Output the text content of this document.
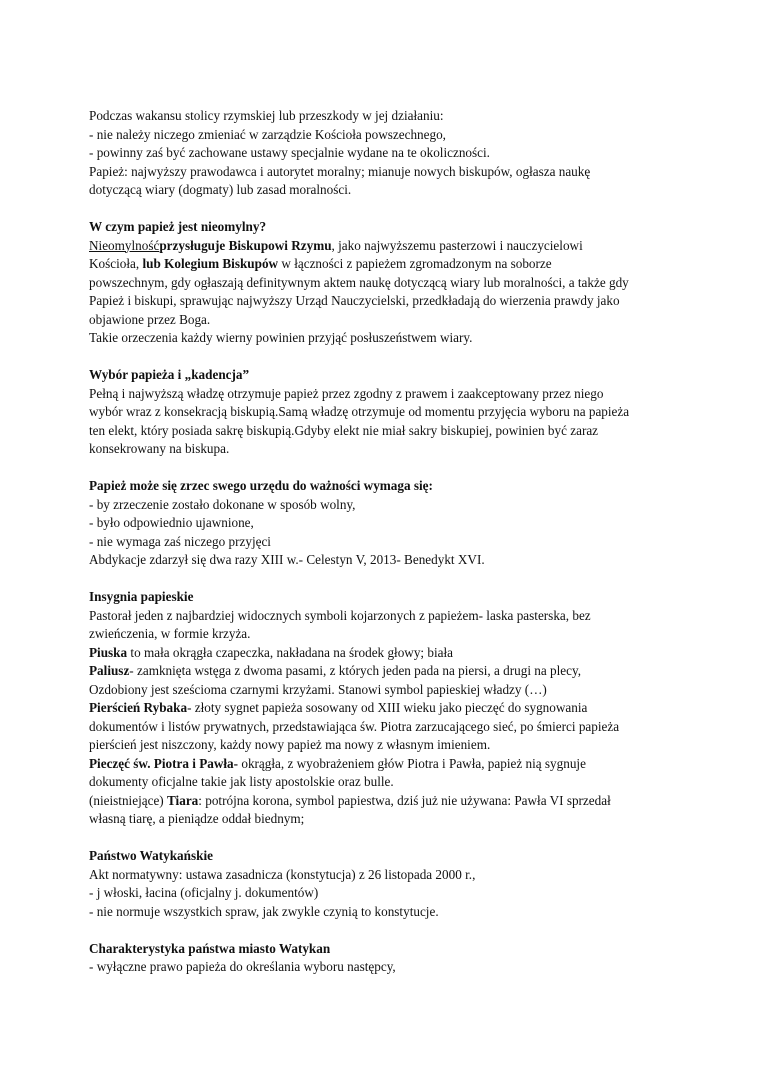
Podczas wakansu stolicy rzymskiej lub przeszkody w jej działaniu:
- nie należy niczego zmieniać w zarządzie Kościoła powszechnego,
- powinny zaś być zachowane ustawy specjalnie wydane na te okoliczności.
Papież: najwyższy prawodawca i autorytet moralny; mianuje nowych biskupów, ogłasza naukę
dotyczącą wiary (dogmaty) lub zasad moralności.
W czym papież jest nieomylny?
Nieomylnośćprzysługuje Biskupowi Rzymu, jako najwyższemu pasterzowi i nauczycielowi
Kościoła, lub Kolegium Biskupów w łączności z papieżem zgromadzonym na soborze
powszechnym, gdy ogłaszają definitywnym aktem naukę dotyczącą wiary lub moralności, a także gdy
Papież i biskupi, sprawując najwyższy Urząd Nauczycielski, przedkładają do wierzenia prawdy jako
objawione przez Boga.
Takie orzeczenia każdy wierny powinien przyjąć posłuszeństwem wiary.
Wybór papieża i „kadencja”
Pełną i najwyższą władzę otrzymuje papież przez zgodny z prawem i zaakceptowany przez niego
wybór wraz z konsekracją biskupią.Samą władzę otrzymuje od momentu przyjęcia wyboru na papieża
ten elekt, który posiada sakrę biskupią.Gdyby elekt nie miał sakry biskupiej, powinien być zaraz
konsekrowany na biskupa.
Papież może się zrzec swego urzędu do ważności wymaga się:
- by zrzeczenie zostało dokonane w sposób wolny,
- było odpowiednio ujawnione,
- nie wymaga zaś niczego przyjęci
Abdykacje zdarzył się dwa razy XIII w.- Celestyn V, 2013- Benedykt XVI.
Insygnia papieskie
Pastorał jeden z najbardziej widocznych symboli kojarzonych z papieżem- laska pasterska, bez
zwieńczenia, w formie krzyża.
Piuska to mała okrągła czapeczka, nakładana na środek głowy; biała
Paliusz- zamknięta wstęga z dwoma pasami, z których jeden pada na piersi, a drugi na plecy,
Ozdobiony jest sześcioma czarnymi krzyżami. Stanowi symbol papieskiej władzy (…)
Pierścień Rybaka- złoty sygnet papieża sosowany od XIII wieku jako pieczęć do sygnowania
dokumentów i listów prywatnych, przedstawiająca św. Piotra zarzucającego sieć, po śmierci papieża
pierścień jest niszczony, każdy nowy papież ma nowy z własnym imieniem.
Pieczęć św. Piotra i Pawła- okrągła, z wyobrażeniem głów Piotra i Pawła, papież nią sygnuje
dokumenty oficjalne takie jak listy apostolskie oraz bulle.
(nieistniejące) Tiara: potrójna korona, symbol papiestwa, dziś już nie używana: Pawła VI sprzedał
własną tiarę, a pieniądze oddał biednym;
Państwo Watykańskie
Akt normatywny: ustawa zasadnicza (konstytucja) z 26 listopada 2000 r.,
- j włoski, łacina (oficjalny j. dokumentów)
- nie normuje wszystkich spraw, jak zwykle czynią to konstytucje.
Charakterystyka państwa miasto Watykan
- wyłączne prawo papieża do określania wyboru następcy,
